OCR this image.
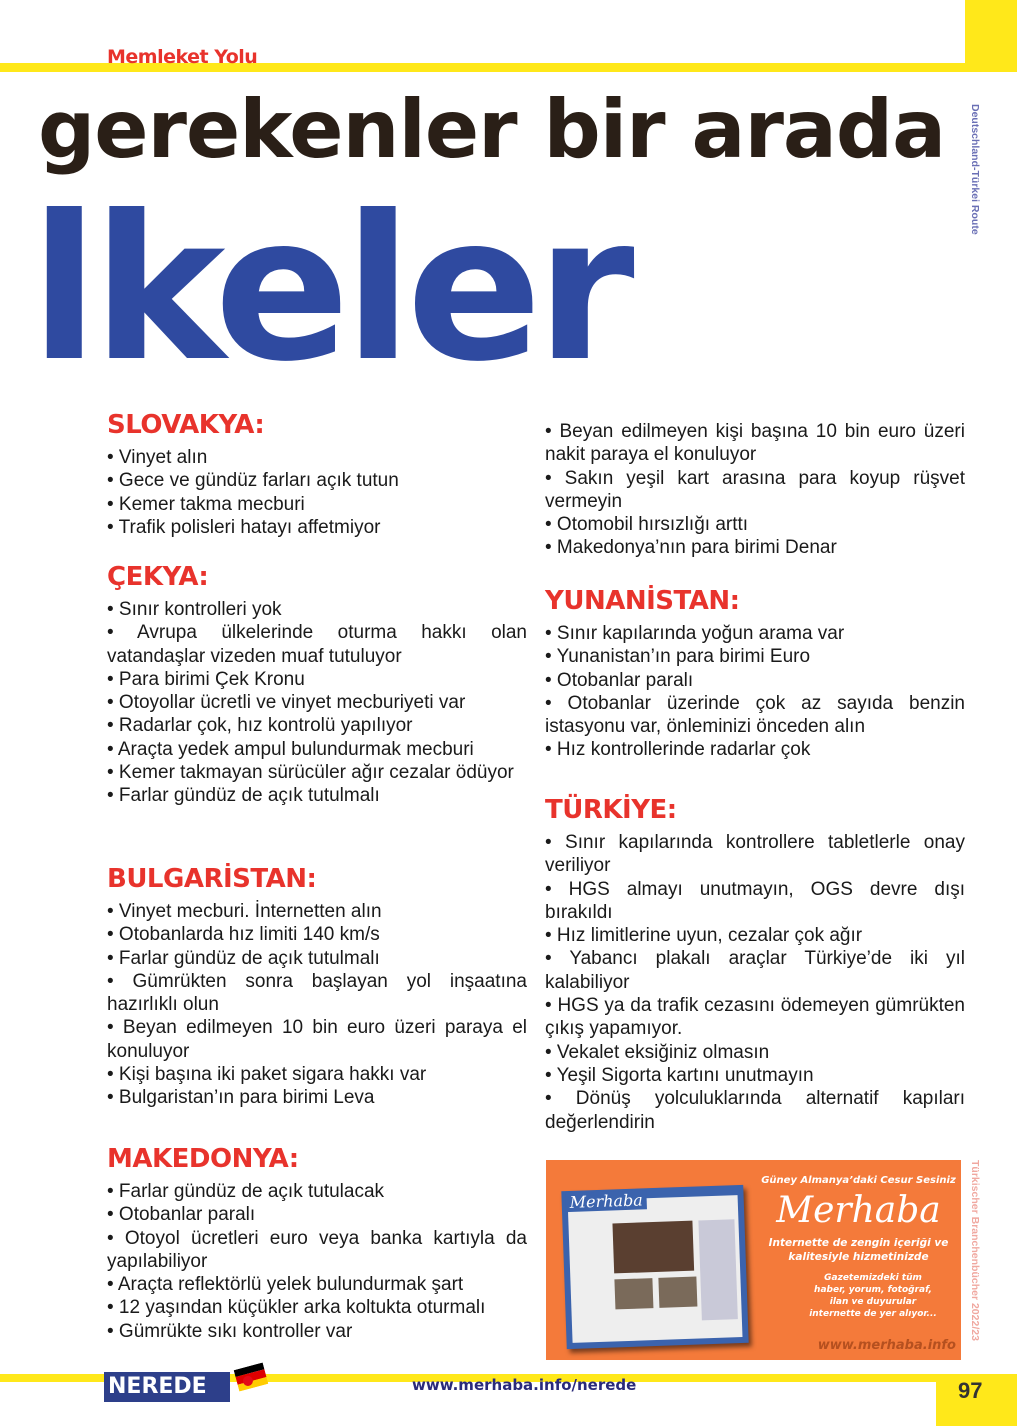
Memleket Yolu
gerekenler bir arada
lkeler
Deutschland-Türkei Route
SLOVAKYA:

• Vinyet alın

• Gece ve gündüz farları açık tutun

• Kemer takma mecburi

• Trafik polisleri hatayı affetmiyor

ÇEKYA:

• Sınır kontrolleri yok

• Avrupa ülkelerinde oturma hakkı olan vatandaşlar vizeden muaf tutuluyor

• Para birimi Çek Kronu

• Otoyollar ücretli ve vinyet mecburiyeti var

• Radarlar çok, hız kontrolü yapılıyor

• Araçta yedek ampul bulundurmak mecburi

• Kemer takmayan sürücüler ağır cezalar ödüyor

• Farlar gündüz de açık tutulmalı

BULGARİSTAN:

• Vinyet mecburi. İnternetten alın

• Otobanlarda hız limiti 140 km/s

• Farlar gündüz de açık tutulmalı

• Gümrükten sonra başlayan yol inşaatına hazırlıklı olun

• Beyan edilmeyen 10 bin euro üzeri paraya el konuluyor

• Kişi başına iki paket sigara hakkı var

• Bulgaristan’ın para birimi Leva

MAKEDONYA:

• Farlar gündüz de açık tutulacak

• Otobanlar paralı

• Otoyol ücretleri euro veya banka kartıyla da yapılabiliyor

• Araçta reflektörlü yelek bulundurmak şart

• 12 yaşından küçükler arka koltukta oturmalı

• Gümrükte sıkı kontroller var

• Beyan edilmeyen kişi başına 10 bin euro üzeri nakit paraya el konuluyor

• Sakın yeşil kart arasına para koyup rüşvet vermeyin

• Otomobil hırsızlığı arttı

• Makedonya’nın para birimi Denar

YUNANİSTAN:

• Sınır kapılarında yoğun arama var

• Yunanistan’ın para birimi Euro

• Otobanlar paralı

• Otobanlar üzerinde çok az sayıda benzin istasyonu var, önleminizi önceden alın

• Hız kontrollerinde radarlar çok

TÜRKİYE:

• Sınır kapılarında kontrollere tabletlerle onay veriliyor

• HGS almayı unutmayın, OGS devre dışı bırakıldı

• Hız limitlerine uyun, cezalar çok ağır

• Yabancı plakalı araçlar Türkiye’de iki yıl kalabiliyor

• HGS ya da trafik cezasını ödemeyen gümrükten çıkış yapamıyor.

• Vekalet eksiğiniz olmasın

• Yeşil Sigorta kartını unutmayın

• Dönüş yolculuklarında alternatif kapıları değerlendirin

Merhaba
Güney Almanya’daki Cesur Sesiniz
Merhaba
Internette de zengin içeriği ve kalitesiyle hizmetinizde
Gazetemizdeki tüm haber, yorum, fotoğraf, ilan ve duyurular internette de yer alıyor...
www.merhaba.info
Türkischer Branchenbücher 2022/23
NEREDE	www.merhaba.info/nerede	97
